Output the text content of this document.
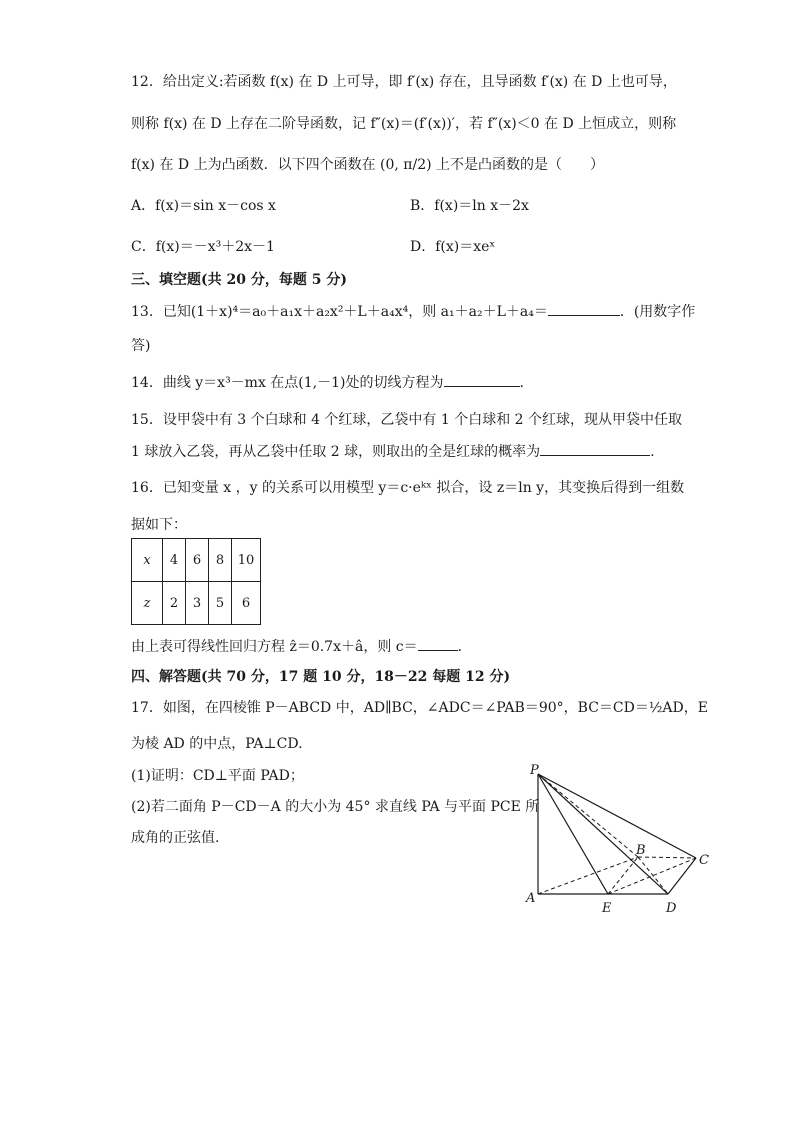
12．给出定义:若函数 f(x) 在 D 上可导，即 f′(x) 存在，且导函数 f′(x) 在 D 上也可导，
则称 f(x) 在 D 上存在二阶导函数，记 f″(x)＝(f′(x))′，若 f″(x)＜0 在 D 上恒成立，则称
f(x) 在 D 上为凸函数．以下四个函数在 (0, π/2) 上不是凸函数的是（　　）
A．f(x)＝sin x－cos x	B．f(x)＝ln x－2x
C．f(x)＝－x³＋2x－1	D．f(x)＝xeˣ
三、填空题(共 20 分，每题 5 分)
13．已知(1＋x)⁴＝a₀＋a₁x＋a₂x²＋L＋a₄x⁴，则 a₁＋a₂＋L＋a₄＝	．(用数字作
答)
14．曲线 y＝x³－mx 在点(1,－1)处的切线方程为	.
15．设甲袋中有 3 个白球和 4 个红球，乙袋中有 1 个白球和 2 个红球，现从甲袋中任取
1 球放入乙袋，再从乙袋中任取 2 球，则取出的全是红球的概率为	.
16．已知变量 x ，y 的关系可以用模型 y＝c·eᵏˣ 拟合，设 z＝ln y，其变换后得到一组数
据如下：
x	4	6	8	10
z	2	3	5	6
由上表可得线性回归方程 ẑ＝0.7x＋â，则 c＝	.
四、解答题(共 70 分，17 题 10 分，18－22 每题 12 分)
17．如图，在四棱锥 P－ABCD 中，AD∥BC，∠ADC＝∠PAB＝90°，BC＝CD＝½AD，E
为棱 AD 的中点，PA⊥CD.
(1)证明：CD⊥平面 PAD；
(2)若二面角 P－CD－A 的大小为 45° 求直线 PA 与平面 PCE 所
成角的正弦值.
P
A
E	D
B
C
